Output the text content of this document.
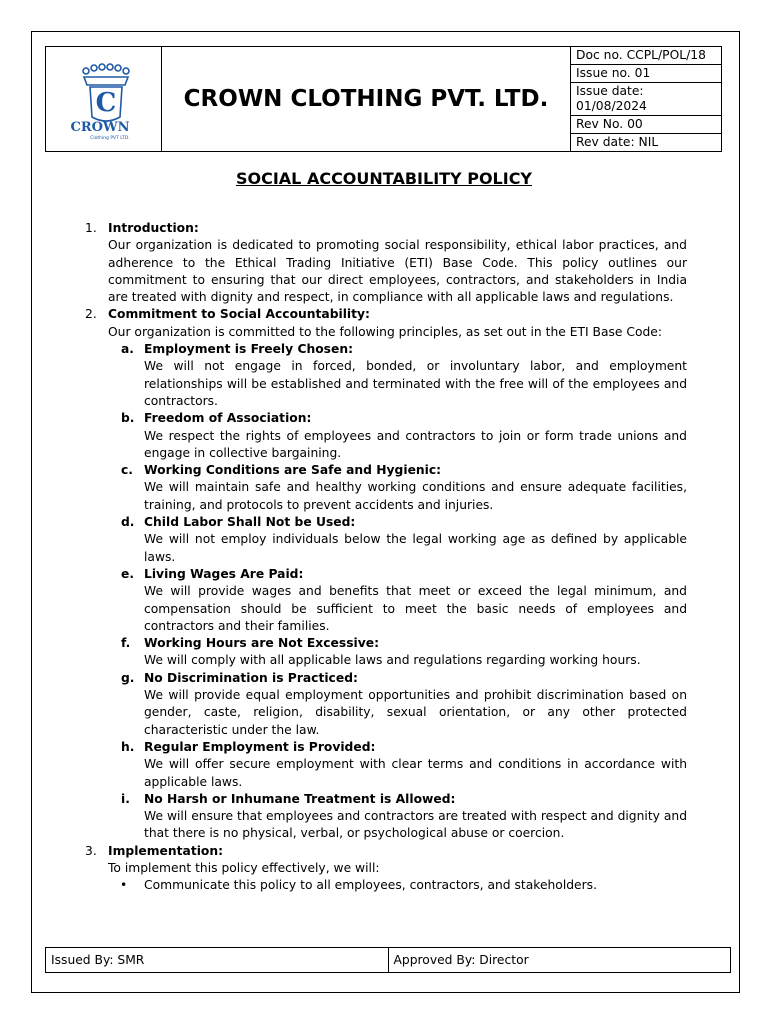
C
CROWN
Clothing PVT LTD.
CROWN CLOTHING PVT. LTD.
Doc no. CCPL/POL/18
Issue no. 01
Issue date: 01/08/2024
Rev No. 00
Rev date: NIL
SOCIAL ACCOUNTABILITY POLICY
1. Introduction:
Our organization is dedicated to promoting social responsibility, ethical labor practices, and adherence to the Ethical Trading Initiative (ETI) Base Code. This policy outlines our commitment to ensuring that our direct employees, contractors, and stakeholders in India are treated with dignity and respect, in compliance with all applicable laws and regulations.
2. Commitment to Social Accountability:
Our organization is committed to the following principles, as set out in the ETI Base Code:
a. Employment is Freely Chosen:
We will not engage in forced, bonded, or involuntary labor, and employment relationships will be established and terminated with the free will of the employees and contractors.
b. Freedom of Association:
We respect the rights of employees and contractors to join or form trade unions and engage in collective bargaining.
c. Working Conditions are Safe and Hygienic:
We will maintain safe and healthy working conditions and ensure adequate facilities, training, and protocols to prevent accidents and injuries.
d. Child Labor Shall Not be Used:
We will not employ individuals below the legal working age as defined by applicable laws.
e. Living Wages Are Paid:
We will provide wages and benefits that meet or exceed the legal minimum, and compensation should be sufficient to meet the basic needs of employees and contractors and their families.
f. Working Hours are Not Excessive:
We will comply with all applicable laws and regulations regarding working hours.
g. No Discrimination is Practiced:
We will provide equal employment opportunities and prohibit discrimination based on gender, caste, religion, disability, sexual orientation, or any other protected characteristic under the law.
h. Regular Employment is Provided:
We will offer secure employment with clear terms and conditions in accordance with applicable laws.
i. No Harsh or Inhumane Treatment is Allowed:
We will ensure that employees and contractors are treated with respect and dignity and that there is no physical, verbal, or psychological abuse or coercion.
3. Implementation:
To implement this policy effectively, we will:
• Communicate this policy to all employees, contractors, and stakeholders.
Issued By: SMR	Approved By: Director
